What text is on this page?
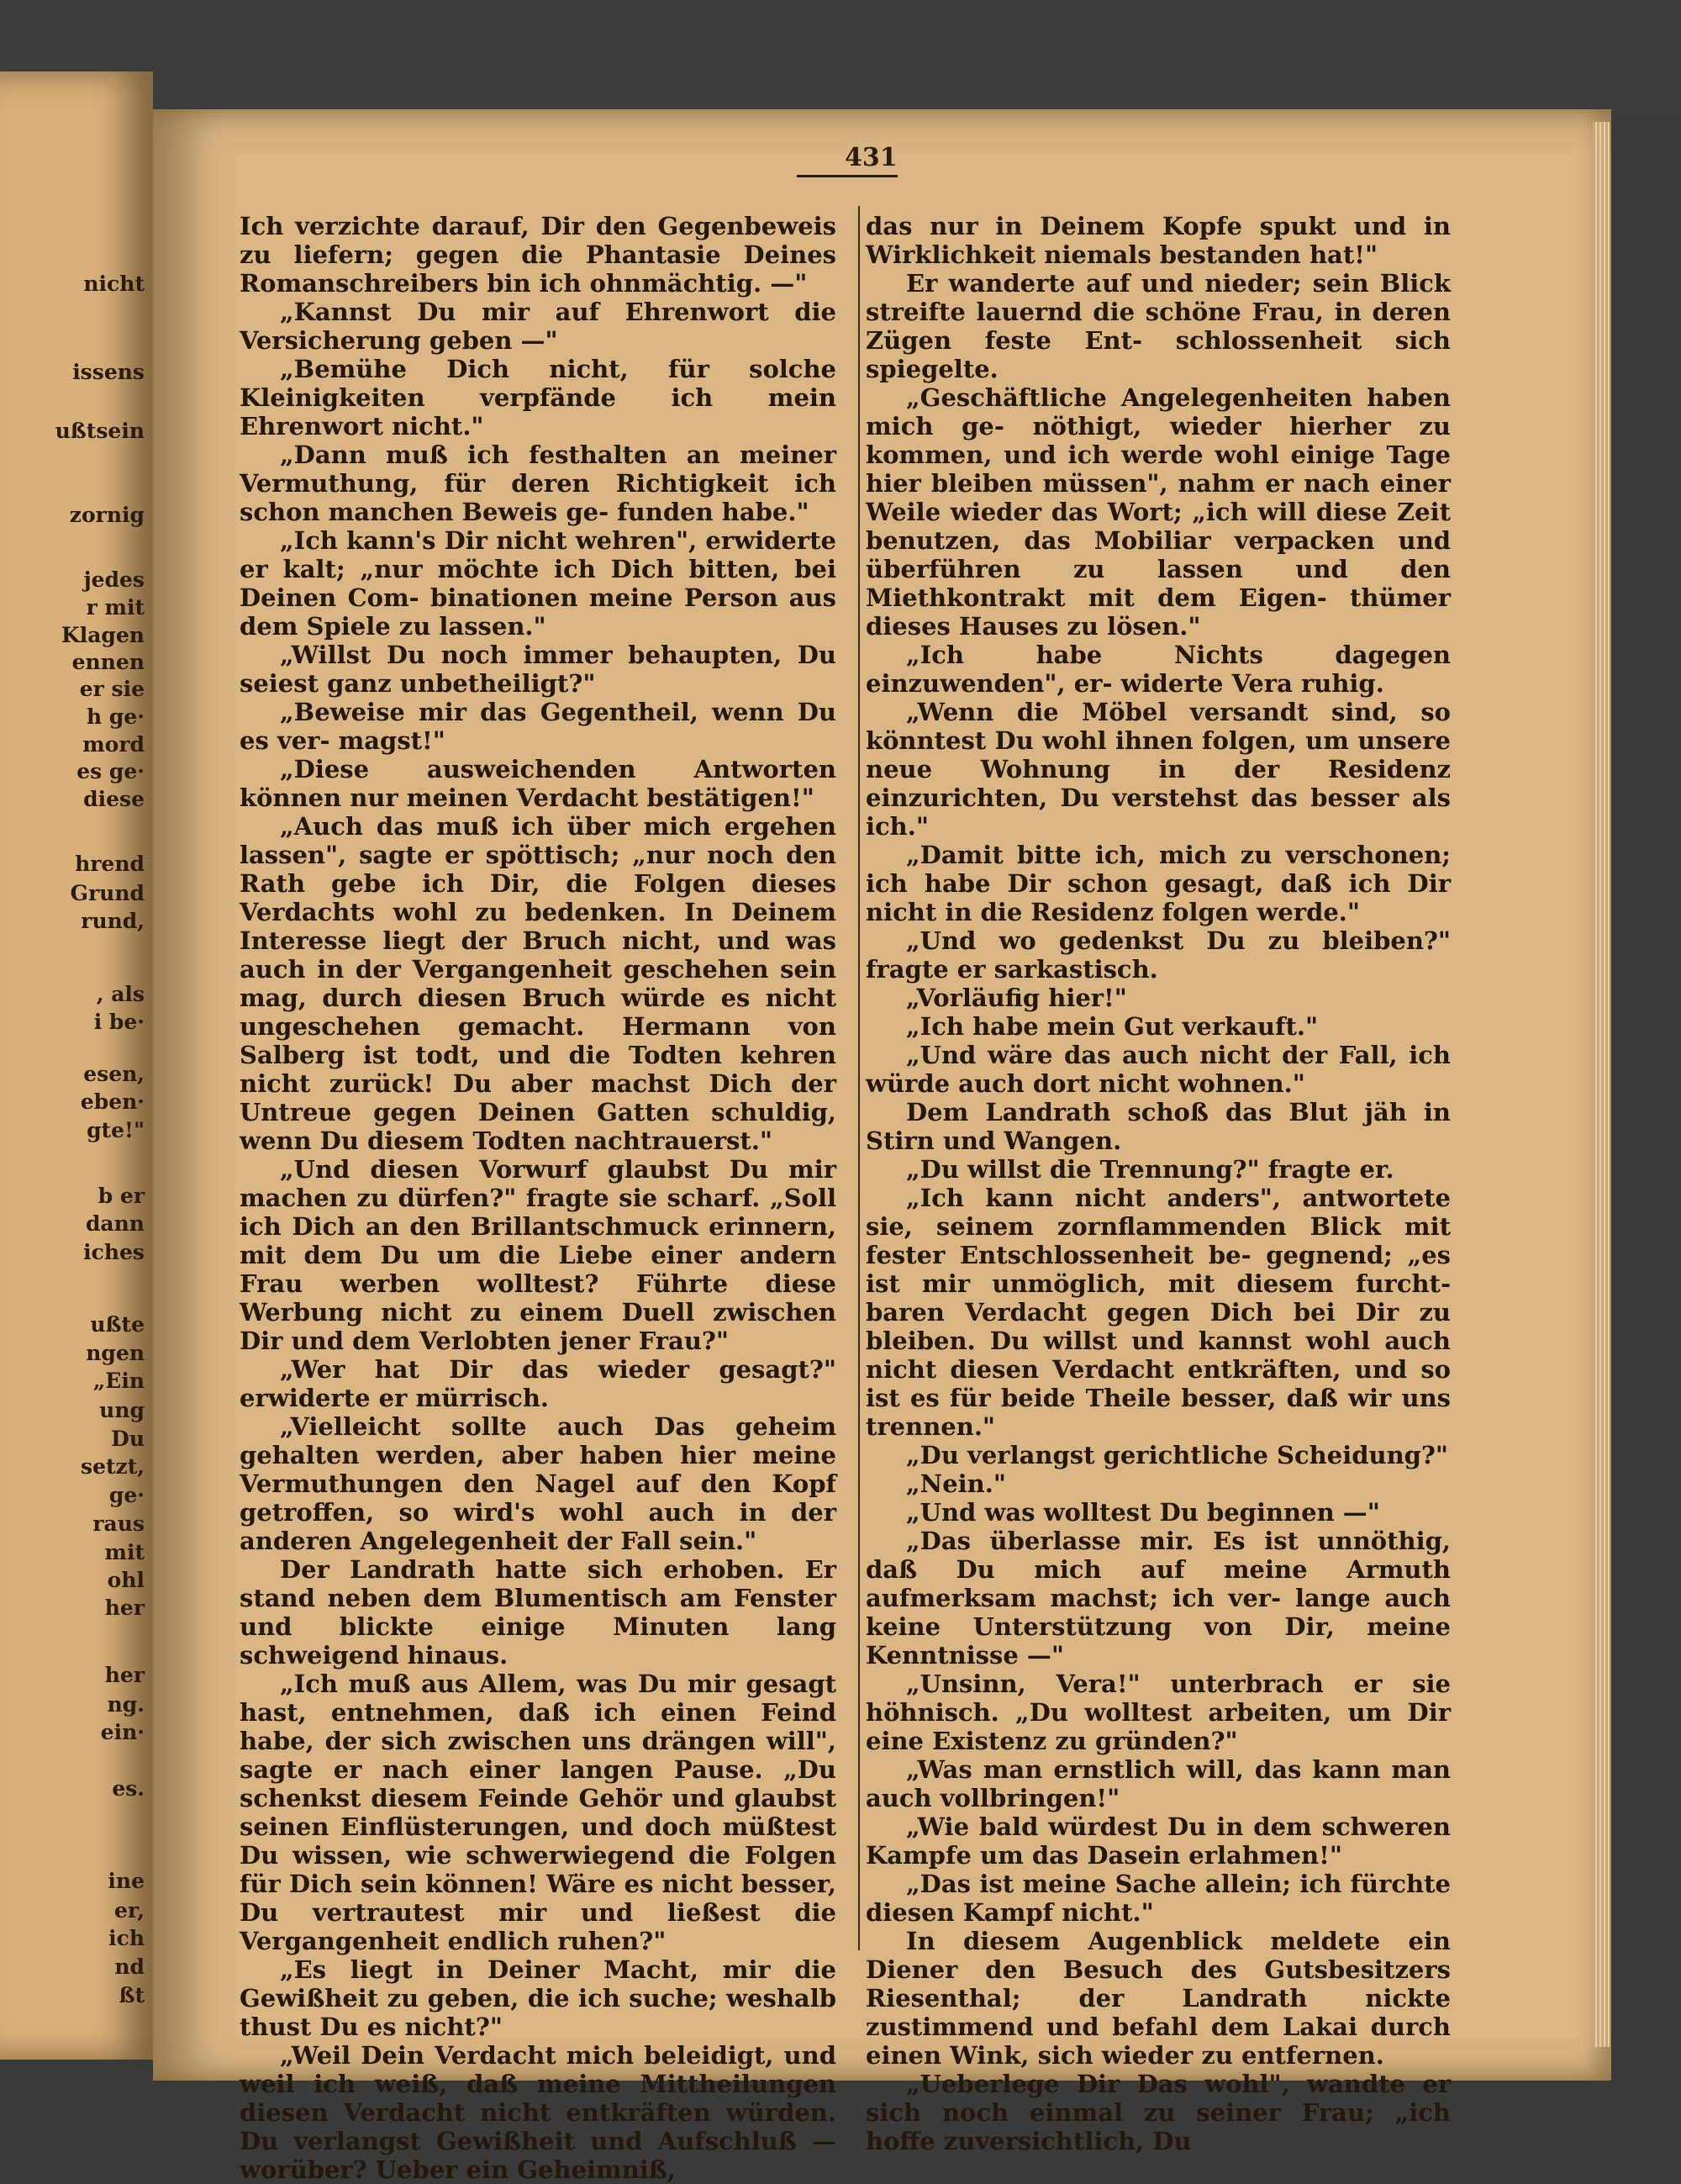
nicht
issens
ußtsein
zornig
jedes
r mit
Klagen
ennen
er sie
h ge·
mord
es ge·
diese
hrend
Grund
rund,
, als
i be·
esen,
eben·
gte!"
b er
dann
iches
ußte
ngen
„Ein
ung
Du
setzt,
ge·
raus
mit
ohl
her
her
ng.
ein·
es.
ine
er,
ich
nd
ßt
431

Ich verzichte darauf, Dir den Gegenbeweis zu liefern; gegen die Phantasie Deines Romanschreibers bin ich ohnmächtig. —"

„Kannst Du mir auf Ehrenwort die Versicherung geben —"

„Bemühe Dich nicht, für solche Kleinigkeiten verpfände ich mein Ehrenwort nicht."

„Dann muß ich festhalten an meiner Vermuthung, für deren Richtigkeit ich schon manchen Beweis ge- funden habe."

„Ich kann's Dir nicht wehren", erwiderte er kalt; „nur möchte ich Dich bitten, bei Deinen Com- binationen meine Person aus dem Spiele zu lassen."

„Willst Du noch immer behaupten, Du seiest ganz unbetheiligt?"

„Beweise mir das Gegentheil, wenn Du es ver- magst!"

„Diese ausweichenden Antworten können nur meinen Verdacht bestätigen!"

„Auch das muß ich über mich ergehen lassen", sagte er spöttisch; „nur noch den Rath gebe ich Dir, die Folgen dieses Verdachts wohl zu bedenken. In Deinem Interesse liegt der Bruch nicht, und was auch in der Vergangenheit geschehen sein mag, durch diesen Bruch würde es nicht ungeschehen gemacht. Hermann von Salberg ist todt, und die Todten kehren nicht zurück! Du aber machst Dich der Untreue gegen Deinen Gatten schuldig, wenn Du diesem Todten nachtrauerst."

„Und diesen Vorwurf glaubst Du mir machen zu dürfen?" fragte sie scharf. „Soll ich Dich an den Brillantschmuck erinnern, mit dem Du um die Liebe einer andern Frau werben wolltest? Führte diese Werbung nicht zu einem Duell zwischen Dir und dem Verlobten jener Frau?"

„Wer hat Dir das wieder gesagt?" erwiderte er mürrisch.

„Vielleicht sollte auch Das geheim gehalten werden, aber haben hier meine Vermuthungen den Nagel auf den Kopf getroffen, so wird's wohl auch in der anderen Angelegenheit der Fall sein."

Der Landrath hatte sich erhoben. Er stand neben dem Blumentisch am Fenster und blickte einige Minuten lang schweigend hinaus.

„Ich muß aus Allem, was Du mir gesagt hast, entnehmen, daß ich einen Feind habe, der sich zwischen uns drängen will", sagte er nach einer langen Pause. „Du schenkst diesem Feinde Gehör und glaubst seinen Einflüsterungen, und doch müßtest Du wissen, wie schwerwiegend die Folgen für Dich sein können! Wäre es nicht besser, Du vertrautest mir und ließest die Vergangenheit endlich ruhen?"

„Es liegt in Deiner Macht, mir die Gewißheit zu geben, die ich suche; weshalb thust Du es nicht?"

„Weil Dein Verdacht mich beleidigt, und weil ich weiß, daß meine Mittheilungen diesen Verdacht nicht entkräften würden. Du verlangst Gewißheit und Aufschluß — worüber? Ueber ein Geheimniß,

das nur in Deinem Kopfe spukt und in Wirklichkeit niemals bestanden hat!"

Er wanderte auf und nieder; sein Blick streifte lauernd die schöne Frau, in deren Zügen feste Ent- schlossenheit sich spiegelte.

„Geschäftliche Angelegenheiten haben mich ge- nöthigt, wieder hierher zu kommen, und ich werde wohl einige Tage hier bleiben müssen", nahm er nach einer Weile wieder das Wort; „ich will diese Zeit benutzen, das Mobiliar verpacken und überführen zu lassen und den Miethkontrakt mit dem Eigen- thümer dieses Hauses zu lösen."

„Ich habe Nichts dagegen einzuwenden", er- widerte Vera ruhig.

„Wenn die Möbel versandt sind, so könntest Du wohl ihnen folgen, um unsere neue Wohnung in der Residenz einzurichten, Du verstehst das besser als ich."

„Damit bitte ich, mich zu verschonen; ich habe Dir schon gesagt, daß ich Dir nicht in die Residenz folgen werde."

„Und wo gedenkst Du zu bleiben?" fragte er sarkastisch.

„Vorläufig hier!"

„Ich habe mein Gut verkauft."

„Und wäre das auch nicht der Fall, ich würde auch dort nicht wohnen."

Dem Landrath schoß das Blut jäh in Stirn und Wangen.

„Du willst die Trennung?" fragte er.

„Ich kann nicht anders", antwortete sie, seinem zornflammenden Blick mit fester Entschlossenheit be- gegnend; „es ist mir unmöglich, mit diesem furcht- baren Verdacht gegen Dich bei Dir zu bleiben. Du willst und kannst wohl auch nicht diesen Verdacht entkräften, und so ist es für beide Theile besser, daß wir uns trennen."

„Du verlangst gerichtliche Scheidung?"

„Nein."

„Und was wolltest Du beginnen —"

„Das überlasse mir. Es ist unnöthig, daß Du mich auf meine Armuth aufmerksam machst; ich ver- lange auch keine Unterstützung von Dir, meine Kenntnisse —"

„Unsinn, Vera!" unterbrach er sie höhnisch. „Du wolltest arbeiten, um Dir eine Existenz zu gründen?"

„Was man ernstlich will, das kann man auch vollbringen!"

„Wie bald würdest Du in dem schweren Kampfe um das Dasein erlahmen!"

„Das ist meine Sache allein; ich fürchte diesen Kampf nicht."

In diesem Augenblick meldete ein Diener den Besuch des Gutsbesitzers Riesenthal; der Landrath nickte zustimmend und befahl dem Lakai durch einen Wink, sich wieder zu entfernen.

„Ueberlege Dir Das wohl", wandte er sich noch einmal zu seiner Frau; „ich hoffe zuversichtlich, Du
